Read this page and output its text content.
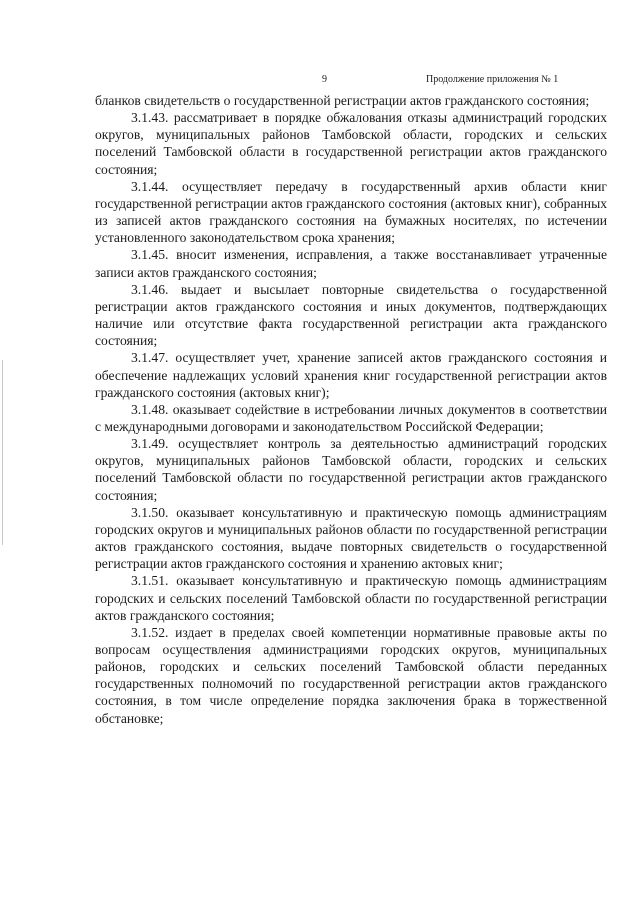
9	Продолжение приложения № 1

бланков свидетельств о государственной регистрации актов гражданского состояния;

3.1.43. рассматривает в порядке обжалования отказы администраций городских округов, муниципальных районов Тамбовской области, городских и сельских поселений Тамбовской области в государственной регистрации актов гражданского состояния;

3.1.44. осуществляет передачу в государственный архив области книг государственной регистрации актов гражданского состояния (актовых книг), собранных из записей актов гражданского состояния на бумажных носителях, по истечении установленного законодательством срока хранения;

3.1.45. вносит изменения, исправления, а также восстанавливает утраченные записи актов гражданского состояния;

3.1.46. выдает и высылает повторные свидетельства о государственной регистрации актов гражданского состояния и иных документов, подтверждающих наличие или отсутствие факта государственной регистрации акта гражданского состояния;

3.1.47. осуществляет учет, хранение записей актов гражданского состояния и обеспечение надлежащих условий хранения книг государственной регистрации актов гражданского состояния (актовых книг);

3.1.48. оказывает содействие в истребовании личных документов в соответствии с международными договорами и законодательством Российской Федерации;

3.1.49. осуществляет контроль за деятельностью администраций городских округов, муниципальных районов Тамбовской области, городских и сельских поселений Тамбовской области по государственной регистрации актов гражданского состояния;

3.1.50. оказывает консультативную и практическую помощь администрациям городских округов и муниципальных районов области по государственной регистрации актов гражданского состояния, выдаче повторных свидетельств о государственной регистрации актов гражданского состояния и хранению актовых книг;

3.1.51. оказывает консультативную и практическую помощь администрациям городских и сельских поселений Тамбовской области по государственной регистрации актов гражданского состояния;

3.1.52. издает в пределах своей компетенции нормативные правовые акты по вопросам осуществления администрациями городских округов, муниципальных районов, городских и сельских поселений Тамбовской области переданных государственных полномочий по государственной регистрации актов гражданского состояния, в том числе определение порядка заключения брака в торжественной обстановке;
